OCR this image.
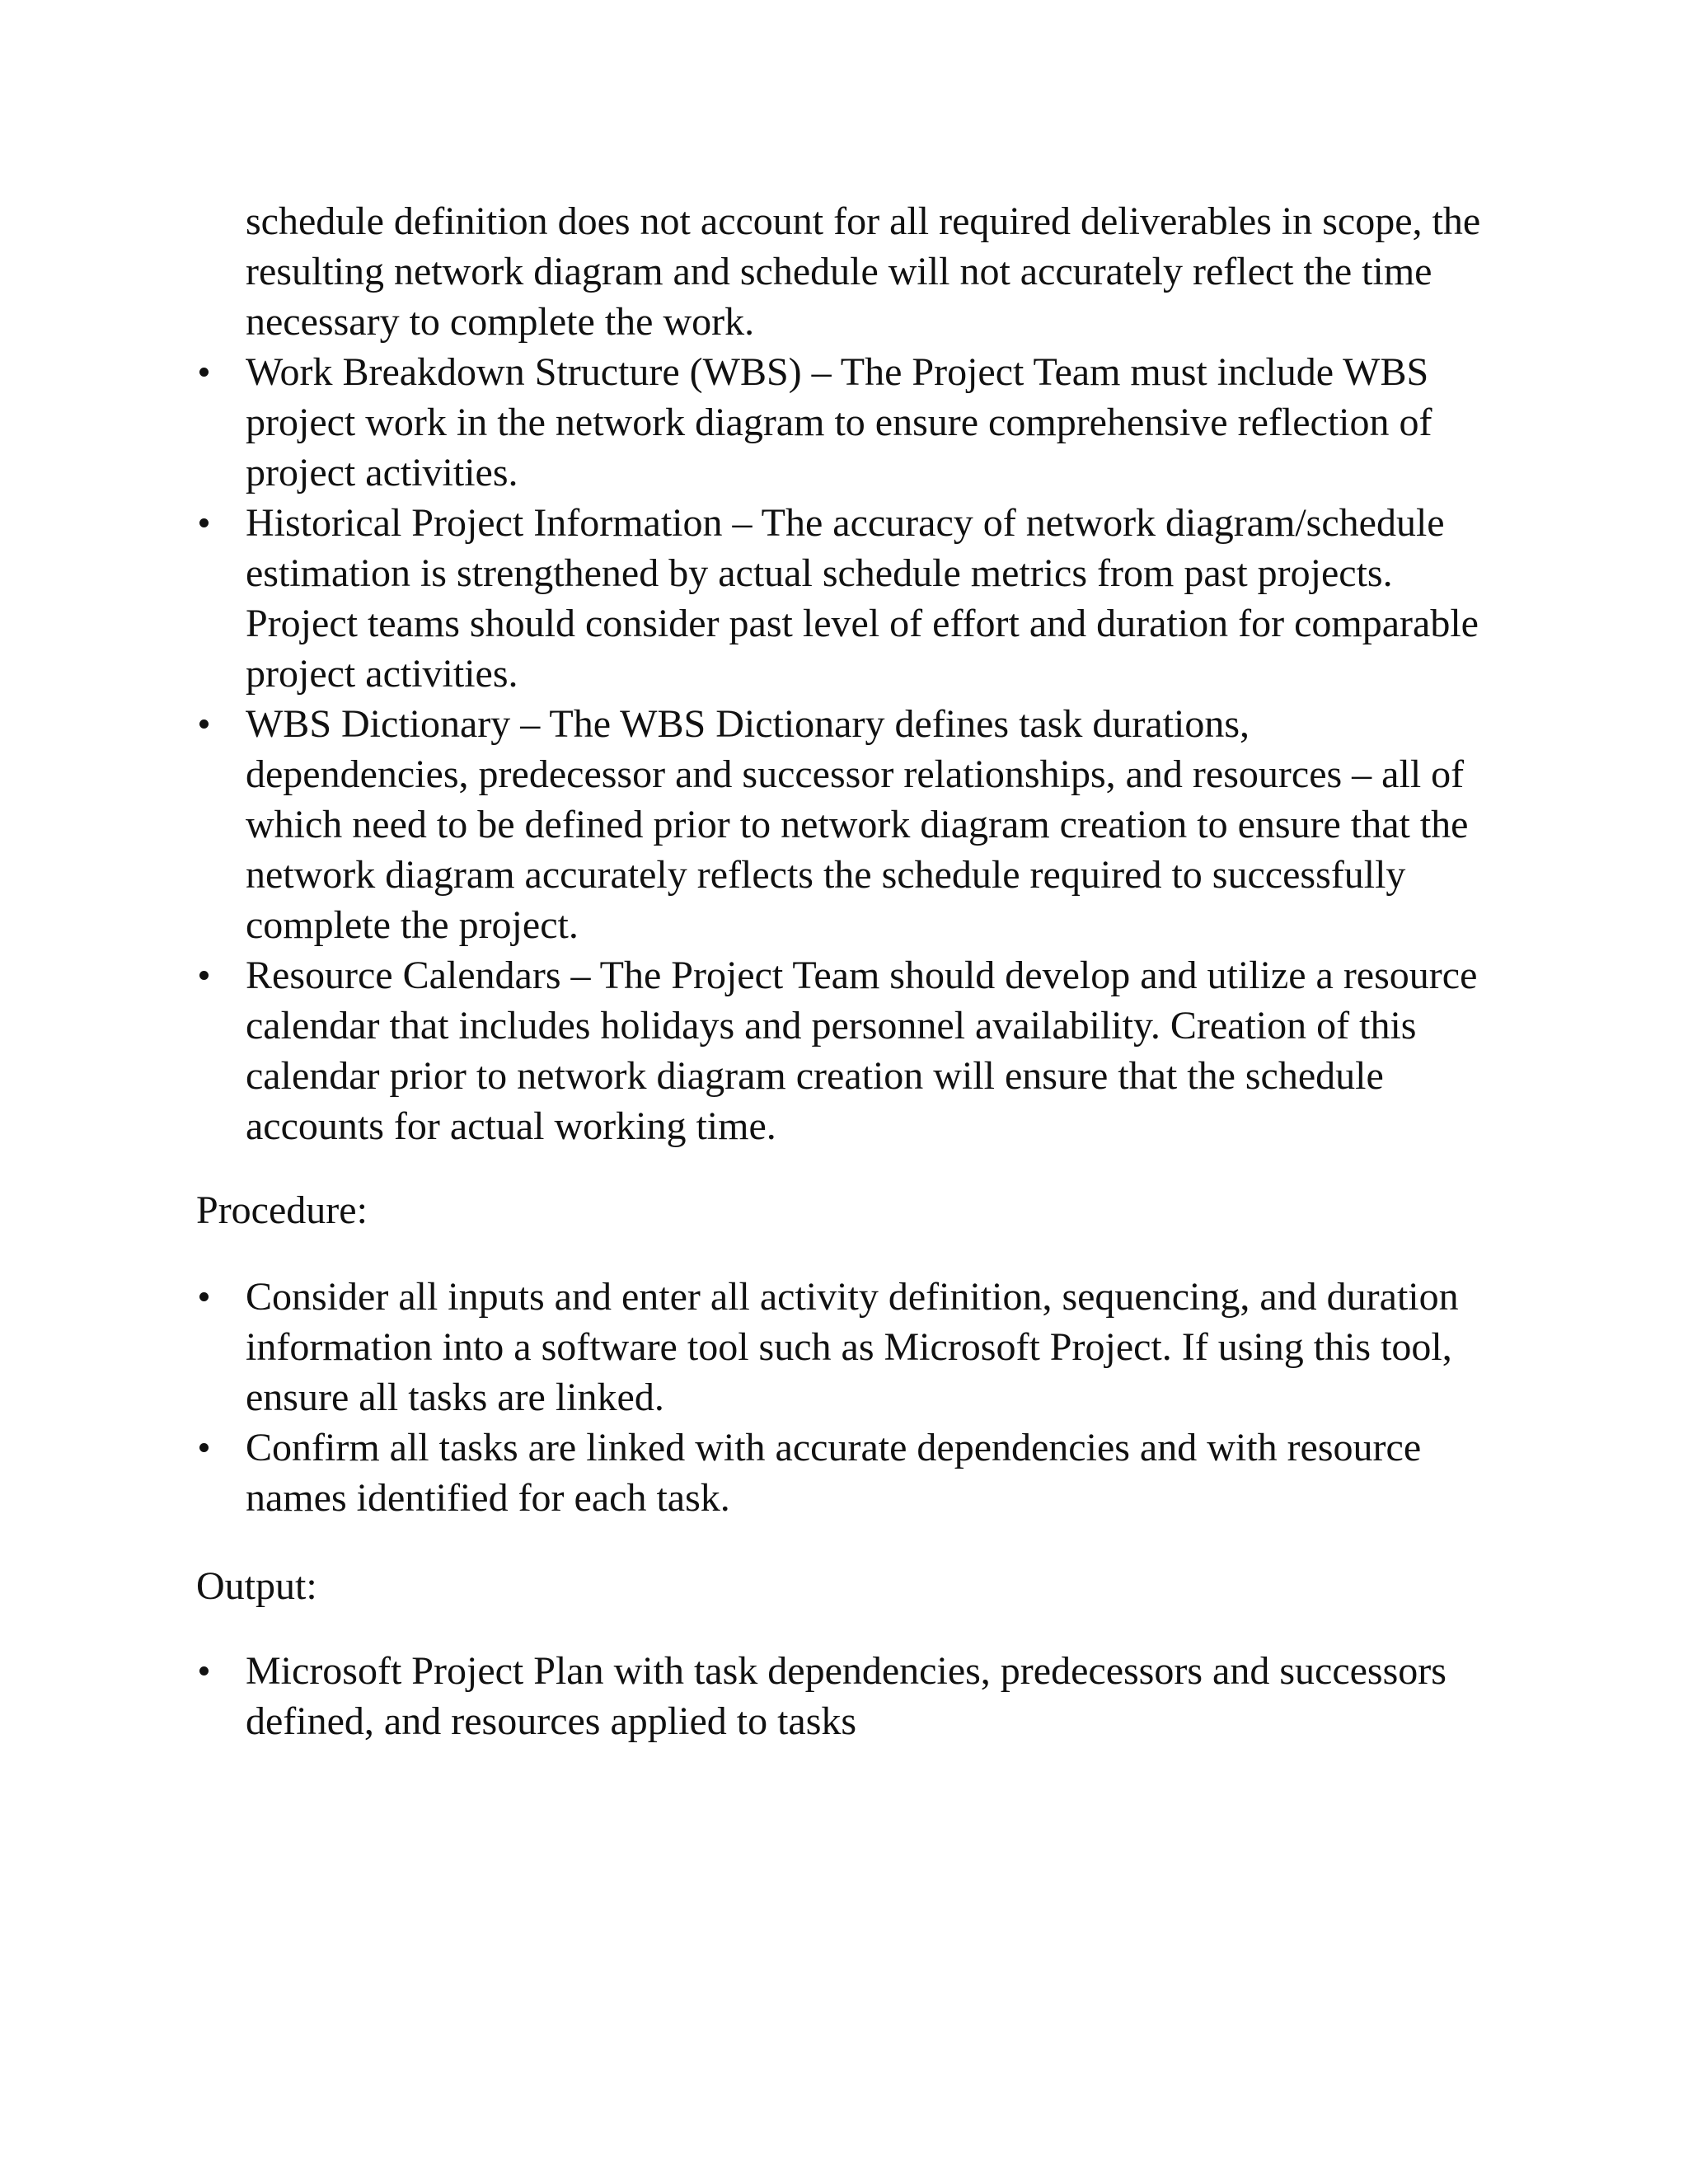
schedule definition does not account for all required deliverables in scope, the resulting network diagram and schedule will not accurately reflect the time necessary to complete the work.

Work Breakdown Structure (WBS) – The Project Team must include WBS project work in the network diagram to ensure comprehensive reflection of project activities.
Historical Project Information – The accuracy of network diagram/schedule estimation is strengthened by actual schedule metrics from past projects. Project teams should consider past level of effort and duration for comparable project activities.
WBS Dictionary – The WBS Dictionary defines task durations, dependencies, predecessor and successor relationships, and resources – all of which need to be defined prior to network diagram creation to ensure that the network diagram accurately reflects the schedule required to successfully complete the project.
Resource Calendars – The Project Team should develop and utilize a resource calendar that includes holidays and personnel availability. Creation of this calendar prior to network diagram creation will ensure that the schedule accounts for actual working time.

Procedure:

Consider all inputs and enter all activity definition, sequencing, and duration information into a software tool such as Microsoft Project. If using this tool, ensure all tasks are linked.
Confirm all tasks are linked with accurate dependencies and with resource names identified for each task.

Output:

Microsoft Project Plan with task dependencies, predecessors and successors defined, and resources applied to tasks
